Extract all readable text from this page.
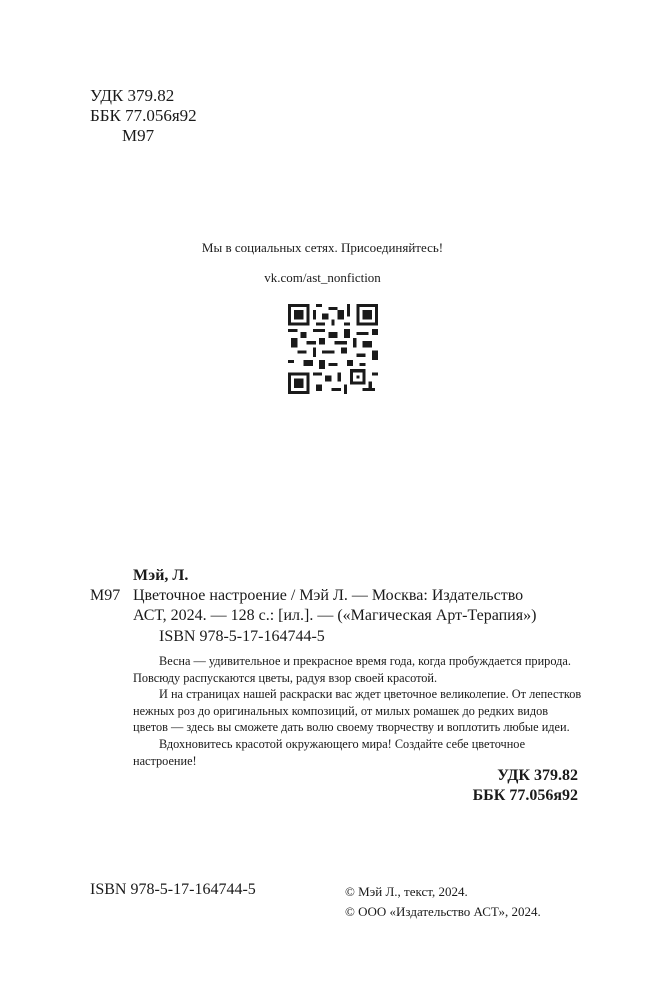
УДК 379.82
ББК 77.056я92
М97
Мы в социальных сетях. Присоединяйтесь!
vk.com/ast_nonfiction
Мэй, Л.
М97 Цветочное настроение / Мэй Л. — Москва: Издательство
АСТ, 2024. — 128 с.: [ил.]. — («Магическая Арт-Терапия»)
ISBN 978-5-17-164744-5

Весна — удивительное и прекрасное время года, когда пробуждается природа. Повсюду распускаются цветы, радуя взор своей красотой.

И на страницах нашей раскраски вас ждет цветочное великолепие. От лепестков нежных роз до оригинальных композиций, от милых ромашек до редких видов цветов — здесь вы сможете дать волю своему творчеству и воплотить любые идеи.

Вдохновитесь красотой окружающего мира! Создайте себе цветочное настроение!

УДК 379.82
ББК 77.056я92
ISBN 978-5-17-164744-5	© Мэй Л., текст, 2024.
© ООО «Издательство АСТ», 2024.
